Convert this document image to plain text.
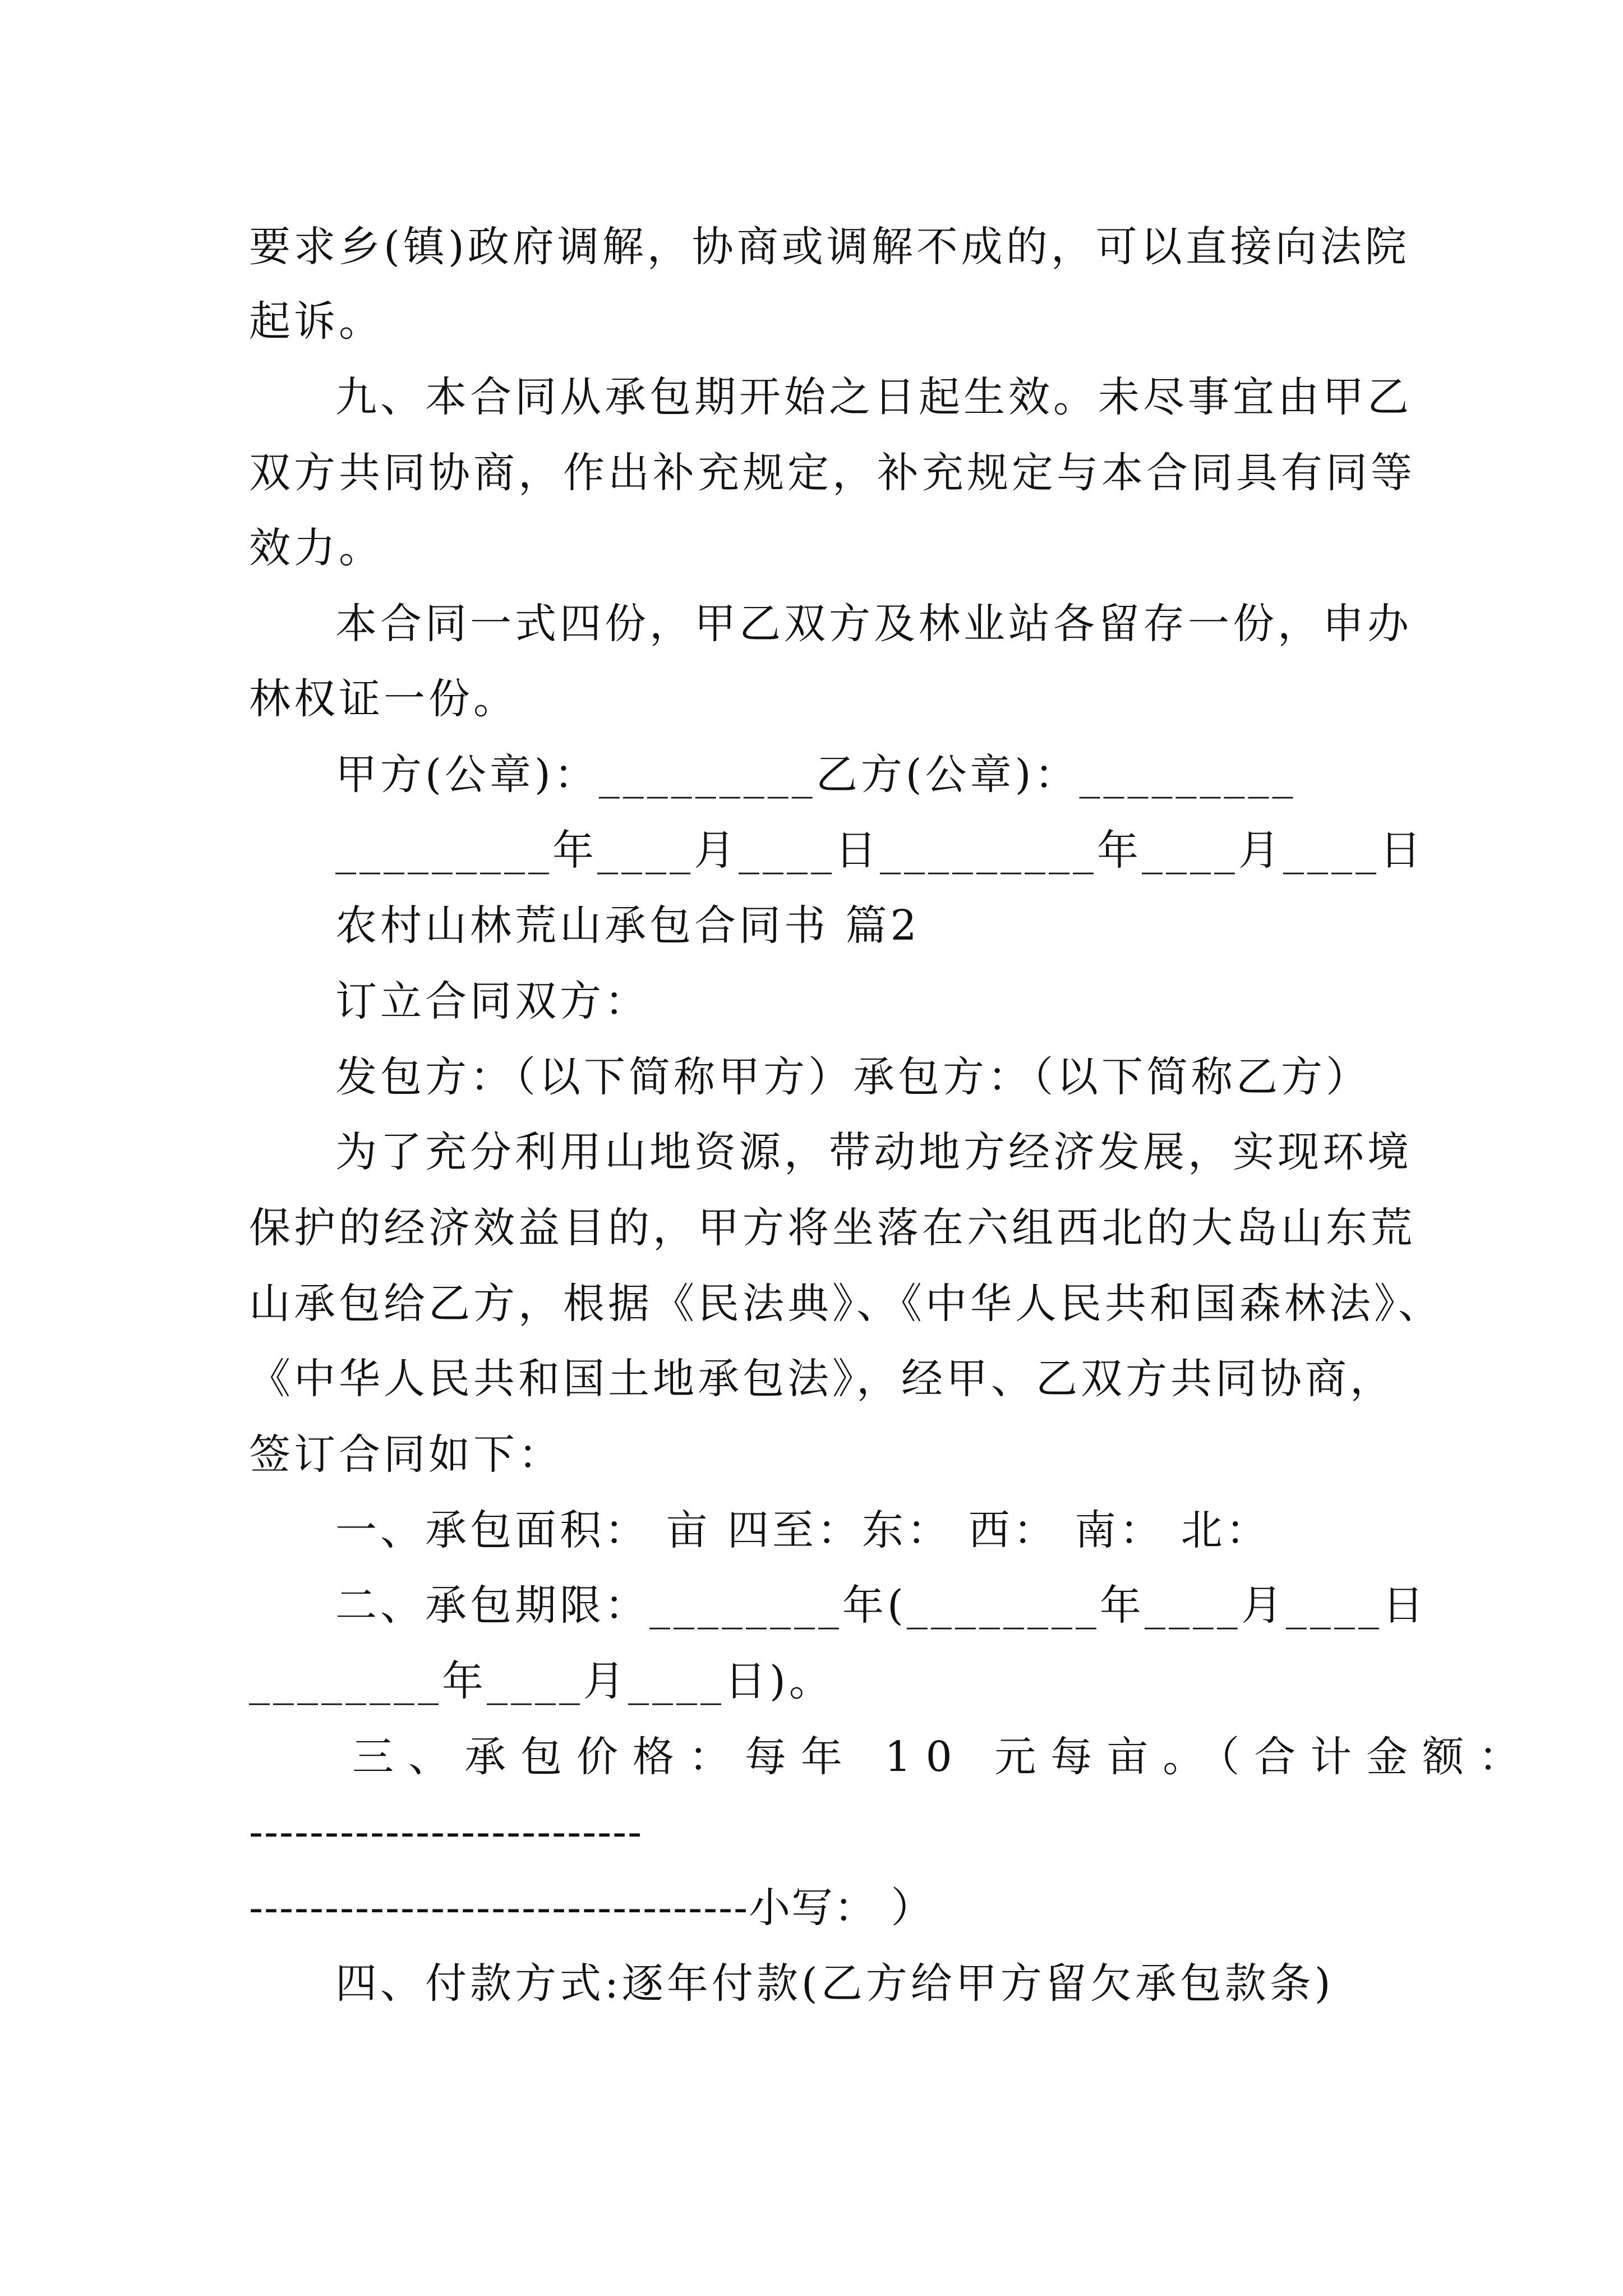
要求乡(镇)政府调解，协商或调解不成的，可以直接向法院
起诉。
九、本合同从承包期开始之日起生效。未尽事宜由甲乙
双方共同协商，作出补充规定，补充规定与本合同具有同等
效力。
本合同一式四份，甲乙双方及林业站各留存一份，申办
林权证一份。
甲方(公章)：_________乙方(公章)：_________
_________年____月____日_________年____月____日
农村山林荒山承包合同书 篇2
订立合同双方：
发包方：（以下简称甲方）承包方：（以下简称乙方）
为了充分利用山地资源，带动地方经济发展，实现环境
保护的经济效益目的，甲方将坐落在六组西北的大岛山东荒
山承包给乙方，根据《民法典》、《中华人民共和国森林法》、
《中华人民共和国土地承包法》，经甲、乙双方共同协商，
签订合同如下：
一、承包面积： 亩 四至：东： 西： 南： 北：
二、承包期限：________年(________年____月____日
________年____月____日)。
三、承包价格：每年 10 元每亩。（合计金额：
--------------------------
---------------------------------小写： ）
四、付款方式:逐年付款(乙方给甲方留欠承包款条)
